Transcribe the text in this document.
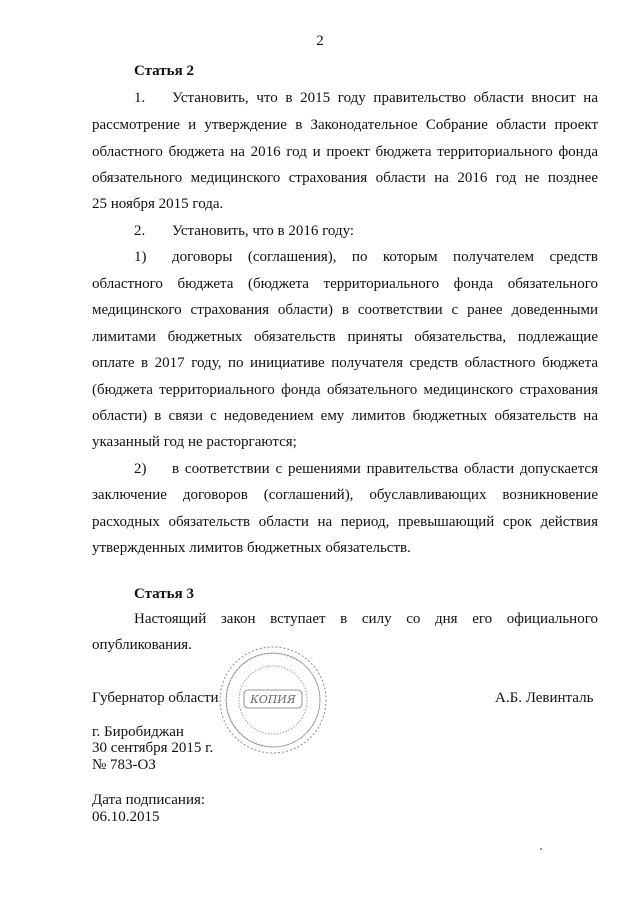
2
Статья 2
1. Установить, что в 2015 году правительство области вносит на
рассмотрение и утверждение в Законодательное Собрание области проект
областного бюджета на 2016 год и проект бюджета территориального фонда
обязательного медицинского страхования области на 2016 год не позднее
25 ноября 2015 года.
2. Установить, что в 2016 году:
1) договоры (соглашения), по которым получателем средств
областного бюджета (бюджета территориального фонда обязательного
медицинского страхования области) в соответствии с ранее доведенными
лимитами бюджетных обязательств приняты обязательства, подлежащие
оплате в 2017 году, по инициативе получателя средств областного бюджета
(бюджета территориального фонда обязательного медицинского страхования
области) в связи с недоведением ему лимитов бюджетных обязательств на
указанный год не расторгаются;
2) в соответствии с решениями правительства области допускается
заключение договоров (соглашений), обуславливающих возникновение
расходных обязательств области на период, превышающий срок действия
утвержденных лимитов бюджетных обязательств.
Статья 3
Настоящий закон вступает в силу со дня его официального
опубликования.
·····················································
КОПИЯ
Губернатор области	А.Б. Левинталь
г. Биробиджан
30 сентября 2015 г.
№ 783-ОЗ
Дата подписания:
06.10.2015
